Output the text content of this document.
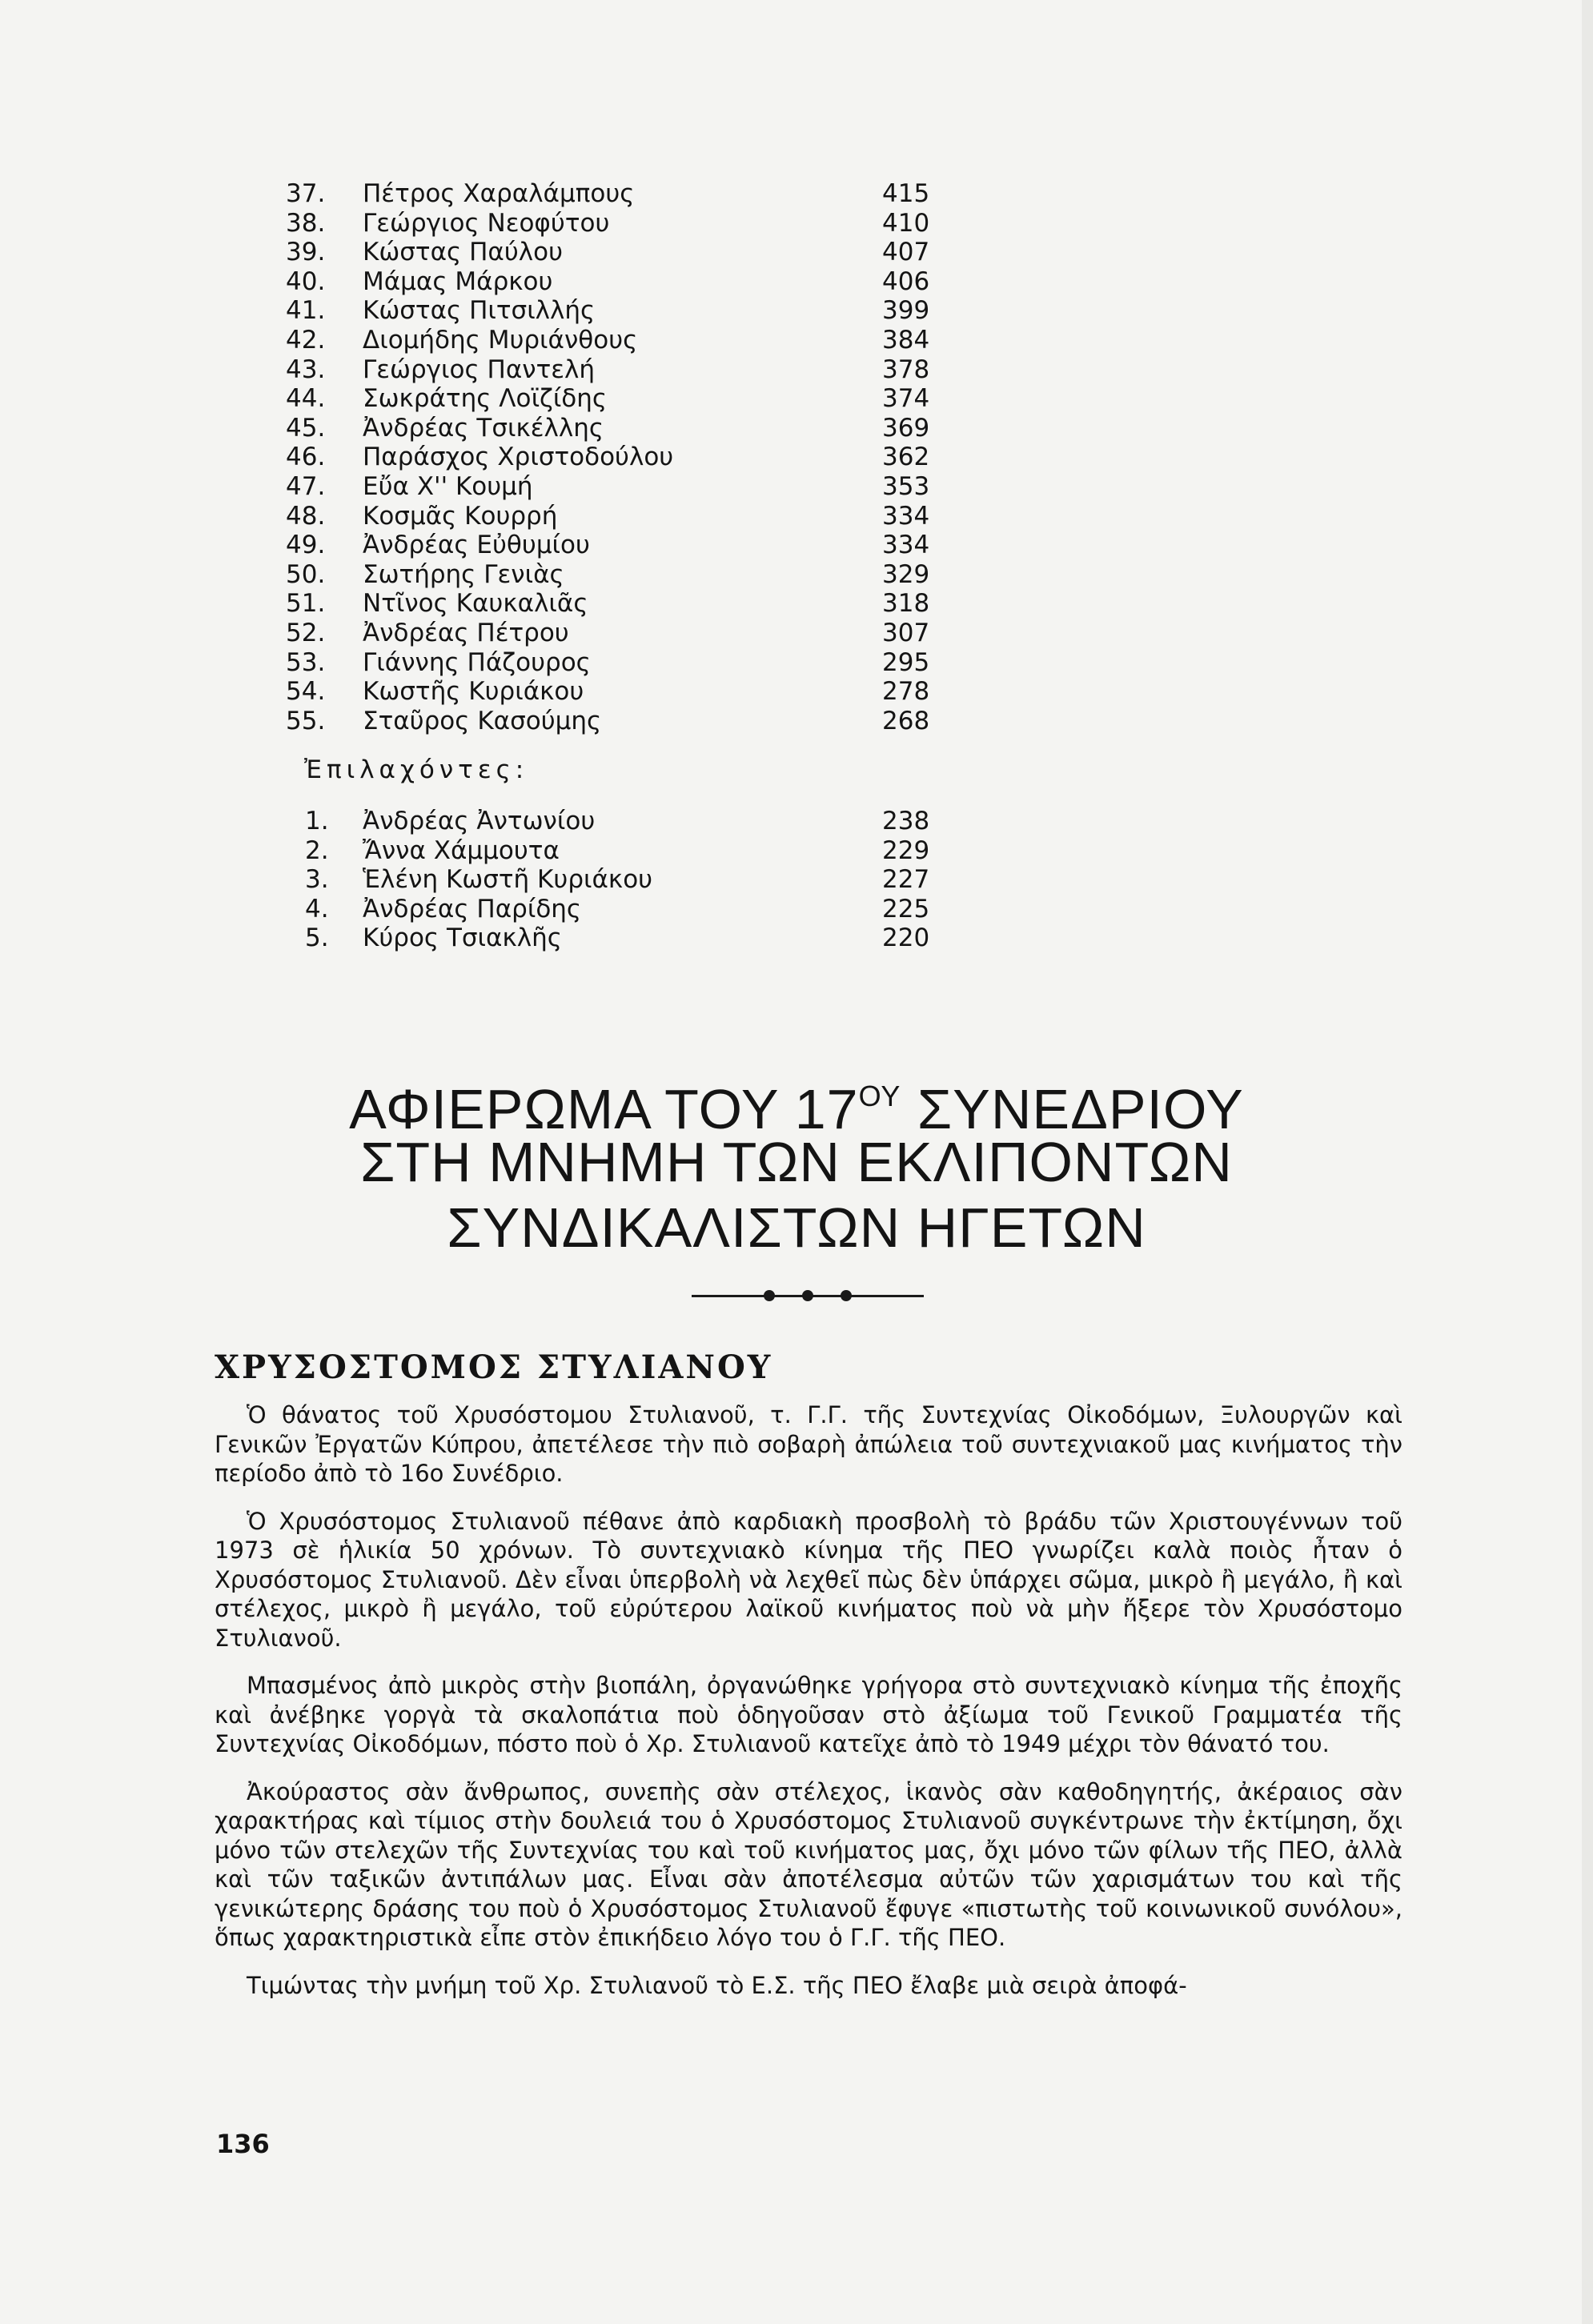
37.	Πέτρος Χαραλάμπους	415
38.	Γεώργιος Νεοφύτου	410
39.	Κώστας Παύλου	407
40.	Μάμας Μάρκου	406
41.	Κώστας Πιτσιλλής	399
42.	Διομήδης Μυριάνθους	384
43.	Γεώργιος Παντελή	378
44.	Σωκράτης Λοϊζίδης	374
45.	Ἀνδρέας Τσικέλλης	369
46.	Παράσχος Χριστοδούλου	362
47.	Εὔα Χ'' Κουμή	353
48.	Κοσμᾶς Κουρρή	334
49.	Ἀνδρέας Εὐθυμίου	334
50.	Σωτήρης Γενιὰς	329
51.	Ντῖνος Καυκαλιᾶς	318
52.	Ἀνδρέας Πέτρου	307
53.	Γιάννης Πάζουρος	295
54.	Κωστῆς Κυριάκου	278
55.	Σταῦρος Κασούμης	268
Ἐπιλαχόντες:
1.	Ἀνδρέας Ἀντωνίου	238
2.	Ἄννα Χάμμουτα	229
3.	Ἑλένη Κωστῆ Κυριάκου	227
4.	Ἀνδρέας Παρίδης	225
5.	Κύρος Τσιακλῆς	220
ΑΦΙΕΡΩΜΑ ΤΟΥ $17^{O\Upsilon}$ ΣΥΝΕΔΡΙΟΥ
ΣΤΗ ΜΝΗΜΗ ΤΩΝ ΕΚΛΙΠΟΝΤΩΝ
ΣΥΝΔΙΚΑΛΙΣΤΩΝ ΗΓΕΤΩΝ
ΧΡΥΣΟΣΤΟΜΟΣ ΣΤΥΛΙΑΝΟΥ

Ὁ θάνατος τοῦ Χρυσόστομου Στυλιανοῦ, τ. Γ.Γ. τῆς Συντεχνίας Οἰκοδόμων, Ξυλουργῶν καὶ Γενικῶν Ἐργατῶν Κύπρου, ἀπετέλεσε τὴν πιὸ σοβαρὴ ἀπώλεια τοῦ συντεχνιακοῦ μας κινήματος τὴν περίοδο ἀπὸ τὸ 16ο Συνέδριο.

Ὁ Χρυσόστομος Στυλιανοῦ πέθανε ἀπὸ καρδιακὴ προσβολὴ τὸ βράδυ τῶν Χριστουγέννων τοῦ 1973 σὲ ἡλικία 50 χρόνων. Τὸ συντεχνιακὸ κίνημα τῆς ΠΕΟ γνωρίζει καλὰ ποιὸς ἦταν ὁ Χρυσόστομος Στυλιανοῦ. Δὲν εἶναι ὑπερβολὴ νὰ λεχθεῖ πὼς δὲν ὑπάρχει σῶμα, μικρὸ ἢ μεγάλο, ἢ καὶ στέλεχος, μικρὸ ἢ μεγάλο, τοῦ εὐρύτερου λαϊκοῦ κινήματος ποὺ νὰ μὴν ἤξερε τὸν Χρυσόστομο Στυλιανοῦ.

Μπασμένος ἀπὸ μικρὸς στὴν βιοπάλη, ὀργανώθηκε γρήγορα στὸ συντεχνιακὸ κίνημα τῆς ἐποχῆς καὶ ἀνέβηκε γοργὰ τὰ σκαλοπάτια ποὺ ὁδηγοῦσαν στὸ ἀξίωμα τοῦ Γενικοῦ Γραμματέα τῆς Συντεχνίας Οἰκοδόμων, πόστο ποὺ ὁ Χρ. Στυλιανοῦ κατεῖχε ἀπὸ τὸ 1949 μέχρι τὸν θάνατό του.

Ἀκούραστος σὰν ἄνθρωπος, συνεπὴς σὰν στέλεχος, ἱκανὸς σὰν καθοδηγητής, ἀκέραιος σὰν χαρακτήρας καὶ τίμιος στὴν δουλειά του ὁ Χρυσόστομος Στυλιανοῦ συγκέντρωνε τὴν ἐκτίμηση, ὄχι μόνο τῶν στελεχῶν τῆς Συντεχνίας του καὶ τοῦ κινήματος μας, ὄχι μόνο τῶν φίλων τῆς ΠΕΟ, ἀλλὰ καὶ τῶν ταξικῶν ἀντιπάλων μας. Εἶναι σὰν ἀποτέλεσμα αὐτῶν τῶν χαρισμάτων του καὶ τῆς γενικώτερης δράσης του ποὺ ὁ Χρυσόστομος Στυλιανοῦ ἔφυγε «πιστωτὴς τοῦ κοινωνικοῦ συνόλου», ὅπως χαρακτηριστικὰ εἶπε στὸν ἐπικήδειο λόγο του ὁ Γ.Γ. τῆς ΠΕΟ.

Τιμώντας τὴν μνήμη τοῦ Χρ. Στυλιανοῦ τὸ Ε.Σ. τῆς ΠΕΟ ἔλαβε μιὰ σειρὰ ἀποφά-

136
